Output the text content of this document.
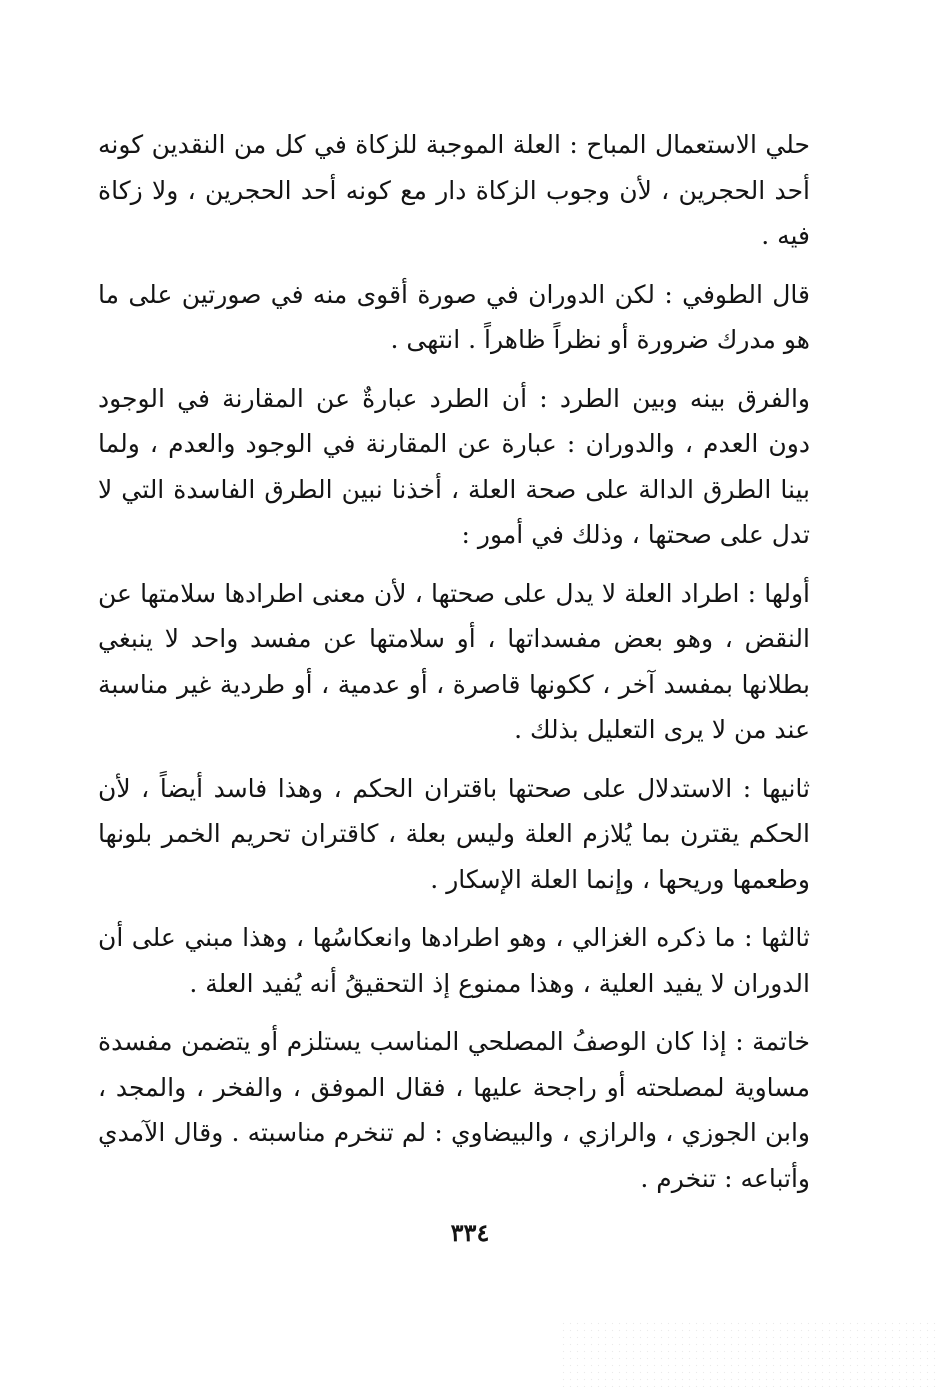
حلي الاستعمال المباح : العلة الموجبة للزكاة في كل من النقدين كونه أحد الحجرين ، لأن وجوب الزكاة دار مع كونه أحد الحجرين ، ولا زكاة فيه .

قال الطوفي : لكن الدوران في صورة أقوى منه في صورتين على ما هو مدرك ضرورة أو نظراً ظاهراً . انتهى .

والفرق بينه وبين الطرد : أن الطرد عبارةٌ عن المقارنة في الوجود دون العدم ، والدوران : عبارة عن المقارنة في الوجود والعدم ، ولما بينا الطرق الدالة على صحة العلة ، أخذنا نبين الطرق الفاسدة التي لا تدل على صحتها ، وذلك في أمور :

أولها : اطراد العلة لا يدل على صحتها ، لأن معنى اطرادها سلامتها عن النقض ، وهو بعض مفسداتها ، أو سلامتها عن مفسد واحد لا ينبغي بطلانها بمفسد آخر ، ككونها قاصرة ، أو عدمية ، أو طردية غير مناسبة عند من لا يرى التعليل بذلك .

ثانيها : الاستدلال على صحتها باقتران الحكم ، وهذا فاسد أيضاً ، لأن الحكم يقترن بما يُلازم العلة وليس بعلة ، كاقتران تحريم الخمر بلونها وطعمها وريحها ، وإنما العلة الإسكار .

ثالثها : ما ذكره الغزالي ، وهو اطرادها وانعكاسُها ، وهذا مبني على أن الدوران لا يفيد العلية ، وهذا ممنوع إذ التحقيقُ أنه يُفيد العلة .

خاتمة : إذا كان الوصفُ المصلحي المناسب يستلزم أو يتضمن مفسدة مساوية لمصلحته أو راجحة عليها ، فقال الموفق ، والفخر ، والمجد ، وابن الجوزي ، والرازي ، والبيضاوي : لم تنخرم مناسبته . وقال الآمدي وأتباعه : تنخرم .

٣٣٤
